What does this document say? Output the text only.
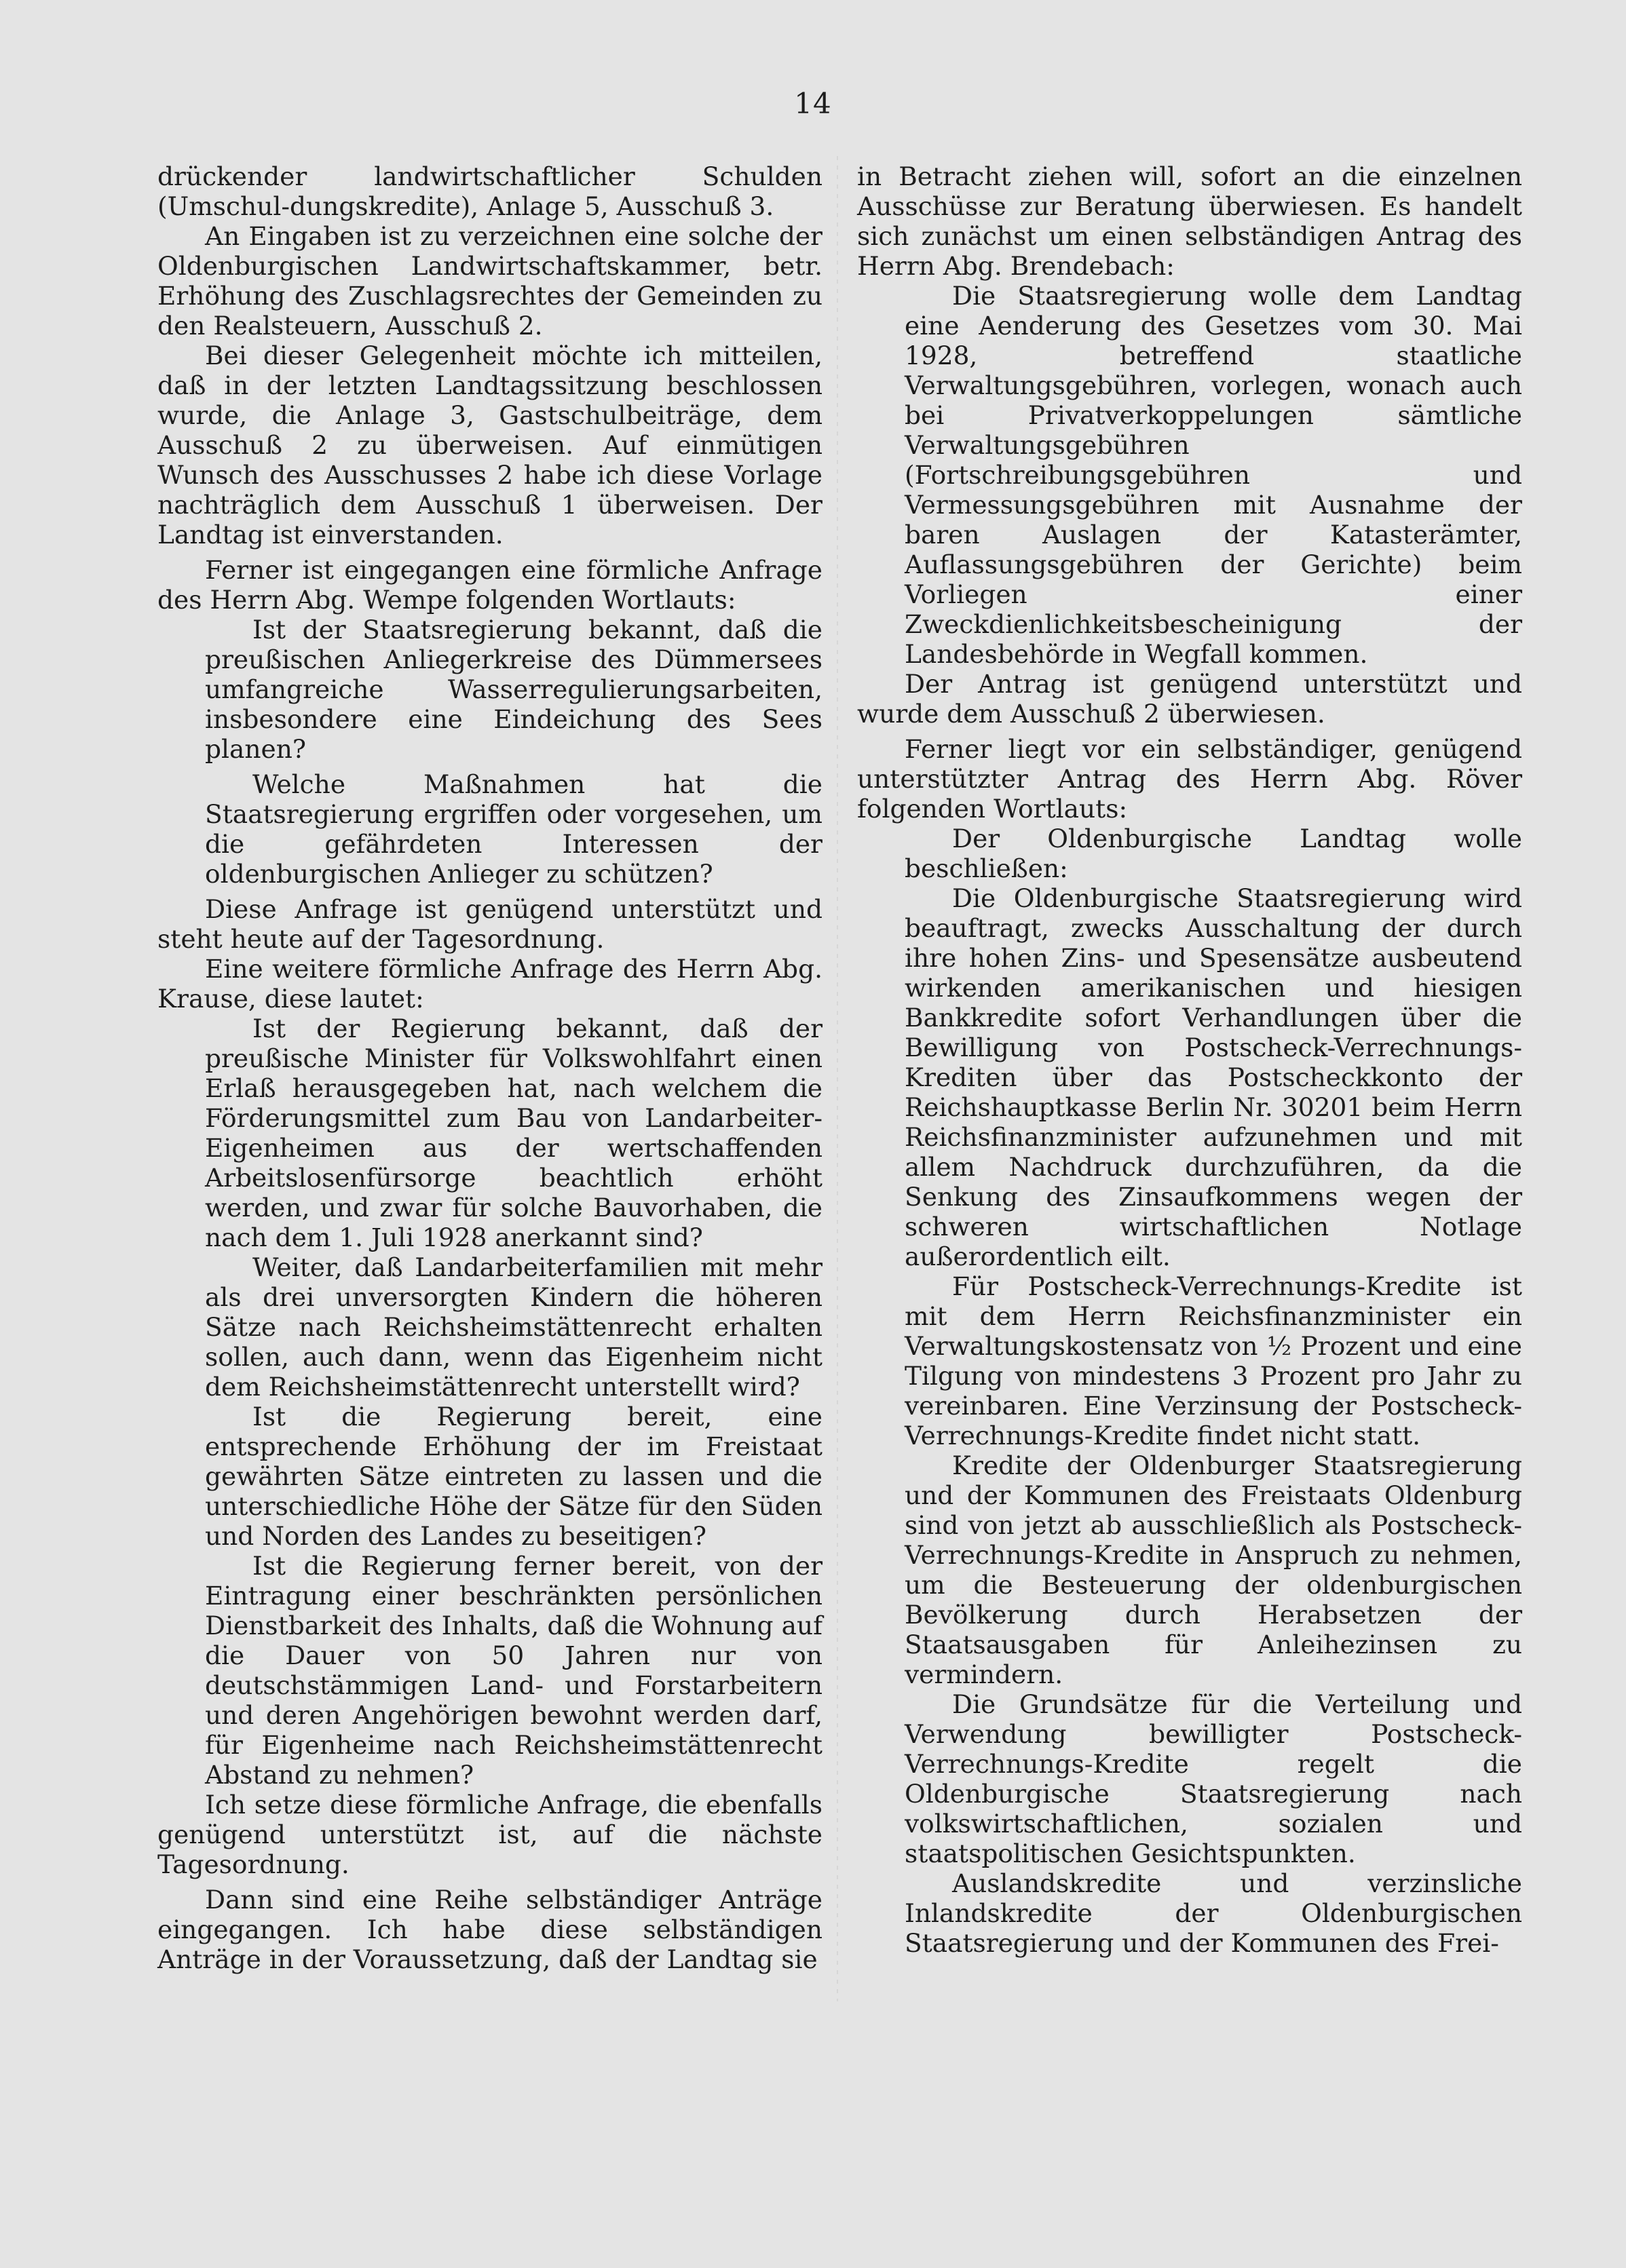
14

drückender landwirtschaftlicher Schulden (Umschul-dungskredite), Anlage 5, Ausschuß 3.

An Eingaben ist zu verzeichnen eine solche der Oldenburgischen Landwirtschaftskammer, betr. Erhöhung des Zuschlagsrechtes der Gemeinden zu den Realsteuern, Ausschuß 2.

Bei dieser Gelegenheit möchte ich mitteilen, daß in der letzten Landtagssitzung beschlossen wurde, die Anlage 3, Gastschulbeiträge, dem Ausschuß 2 zu überweisen. Auf einmütigen Wunsch des Ausschusses 2 habe ich diese Vorlage nachträglich dem Ausschuß 1 überweisen. Der Landtag ist einverstanden.

Ferner ist eingegangen eine förmliche Anfrage des Herrn Abg. Wempe folgenden Wortlauts:

Ist der Staatsregierung bekannt, daß die preußischen Anliegerkreise des Dümmersees umfangreiche Wasserregulierungsarbeiten, insbesondere eine Eindeichung des Sees planen?

Welche Maßnahmen hat die Staatsregierung ergriffen oder vorgesehen, um die gefährdeten Interessen der oldenburgischen Anlieger zu schützen?

Diese Anfrage ist genügend unterstützt und steht heute auf der Tagesordnung.

Eine weitere förmliche Anfrage des Herrn Abg. Krause, diese lautet:

Ist der Regierung bekannt, daß der preußische Minister für Volkswohlfahrt einen Erlaß herausgegeben hat, nach welchem die Förderungsmittel zum Bau von Landarbeiter-Eigenheimen aus der wertschaffenden Arbeitslosenfürsorge beachtlich erhöht werden, und zwar für solche Bauvorhaben, die nach dem 1. Juli 1928 anerkannt sind?

Weiter, daß Landarbeiterfamilien mit mehr als drei unversorgten Kindern die höheren Sätze nach Reichsheimstättenrecht erhalten sollen, auch dann, wenn das Eigenheim nicht dem Reichsheimstättenrecht unterstellt wird?

Ist die Regierung bereit, eine entsprechende Erhöhung der im Freistaat gewährten Sätze eintreten zu lassen und die unterschiedliche Höhe der Sätze für den Süden und Norden des Landes zu beseitigen?

Ist die Regierung ferner bereit, von der Eintragung einer beschränkten persönlichen Dienstbarkeit des Inhalts, daß die Wohnung auf die Dauer von 50 Jahren nur von deutschstämmigen Land- und Forstarbeitern und deren Angehörigen bewohnt werden darf, für Eigenheime nach Reichsheimstättenrecht Abstand zu nehmen?

Ich setze diese förmliche Anfrage, die ebenfalls genügend unterstützt ist, auf die nächste Tagesordnung.

Dann sind eine Reihe selbständiger Anträge eingegangen. Ich habe diese selbständigen Anträge in der Voraussetzung, daß der Landtag sie

in Betracht ziehen will, sofort an die einzelnen Ausschüsse zur Beratung überwiesen. Es handelt sich zunächst um einen selbständigen Antrag des Herrn Abg. Brendebach:

Die Staatsregierung wolle dem Landtag eine Aenderung des Gesetzes vom 30. Mai 1928, betreffend staatliche Verwaltungsgebühren, vorlegen, wonach auch bei Privatverkoppelungen sämtliche Verwaltungsgebühren (Fortschreibungsgebühren und Vermessungsgebühren mit Ausnahme der baren Auslagen der Katasterämter, Auflassungsgebühren der Gerichte) beim Vorliegen einer Zweckdienlichkeitsbescheinigung der Landesbehörde in Wegfall kommen.

Der Antrag ist genügend unterstützt und wurde dem Ausschuß 2 überwiesen.

Ferner liegt vor ein selbständiger, genügend unterstützter Antrag des Herrn Abg. Röver folgenden Wortlauts:

Der Oldenburgische Landtag wolle beschließen:

Die Oldenburgische Staatsregierung wird beauftragt, zwecks Ausschaltung der durch ihre hohen Zins- und Spesensätze ausbeutend wirkenden amerikanischen und hiesigen Bankkredite sofort Verhandlungen über die Bewilligung von Postscheck-Verrechnungs-Krediten über das Postscheckkonto der Reichshauptkasse Berlin Nr. 30201 beim Herrn Reichsfinanzminister aufzunehmen und mit allem Nachdruck durchzuführen, da die Senkung des Zinsaufkommens wegen der schweren wirtschaftlichen Notlage außerordentlich eilt.

Für Postscheck-Verrechnungs-Kredite ist mit dem Herrn Reichsfinanzminister ein Verwaltungskostensatz von ½ Prozent und eine Tilgung von mindestens 3 Prozent pro Jahr zu vereinbaren. Eine Verzinsung der Postscheck-Verrechnungs-Kredite findet nicht statt.

Kredite der Oldenburger Staatsregierung und der Kommunen des Freistaats Oldenburg sind von jetzt ab ausschließlich als Postscheck-Verrechnungs-Kredite in Anspruch zu nehmen, um die Besteuerung der oldenburgischen Bevölkerung durch Herabsetzen der Staatsausgaben für Anleihezinsen zu vermindern.

Die Grundsätze für die Verteilung und Verwendung bewilligter Postscheck-Verrechnungs-Kredite regelt die Oldenburgische Staatsregierung nach volkswirtschaftlichen, sozialen und staatspolitischen Gesichtspunkten.

Auslandskredite und verzinsliche Inlandskredite der Oldenburgischen Staatsregierung und der Kommunen des Frei-
